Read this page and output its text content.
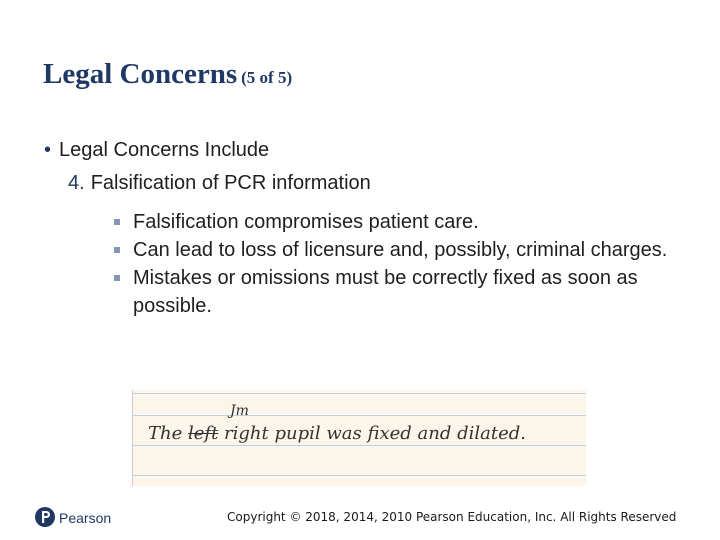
Legal Concerns (5 of 5)
• Legal Concerns Include
4. Falsification of PCR information
Falsification compromises patient care.
Can lead to loss of licensure and, possibly, criminal charges.
Mistakes or omissions must be correctly fixed as soon as possible.
Jm
The left right pupil was fixed and dilated.
Pearson	Copyright © 2018, 2014, 2010 Pearson Education, Inc. All Rights Reserved
